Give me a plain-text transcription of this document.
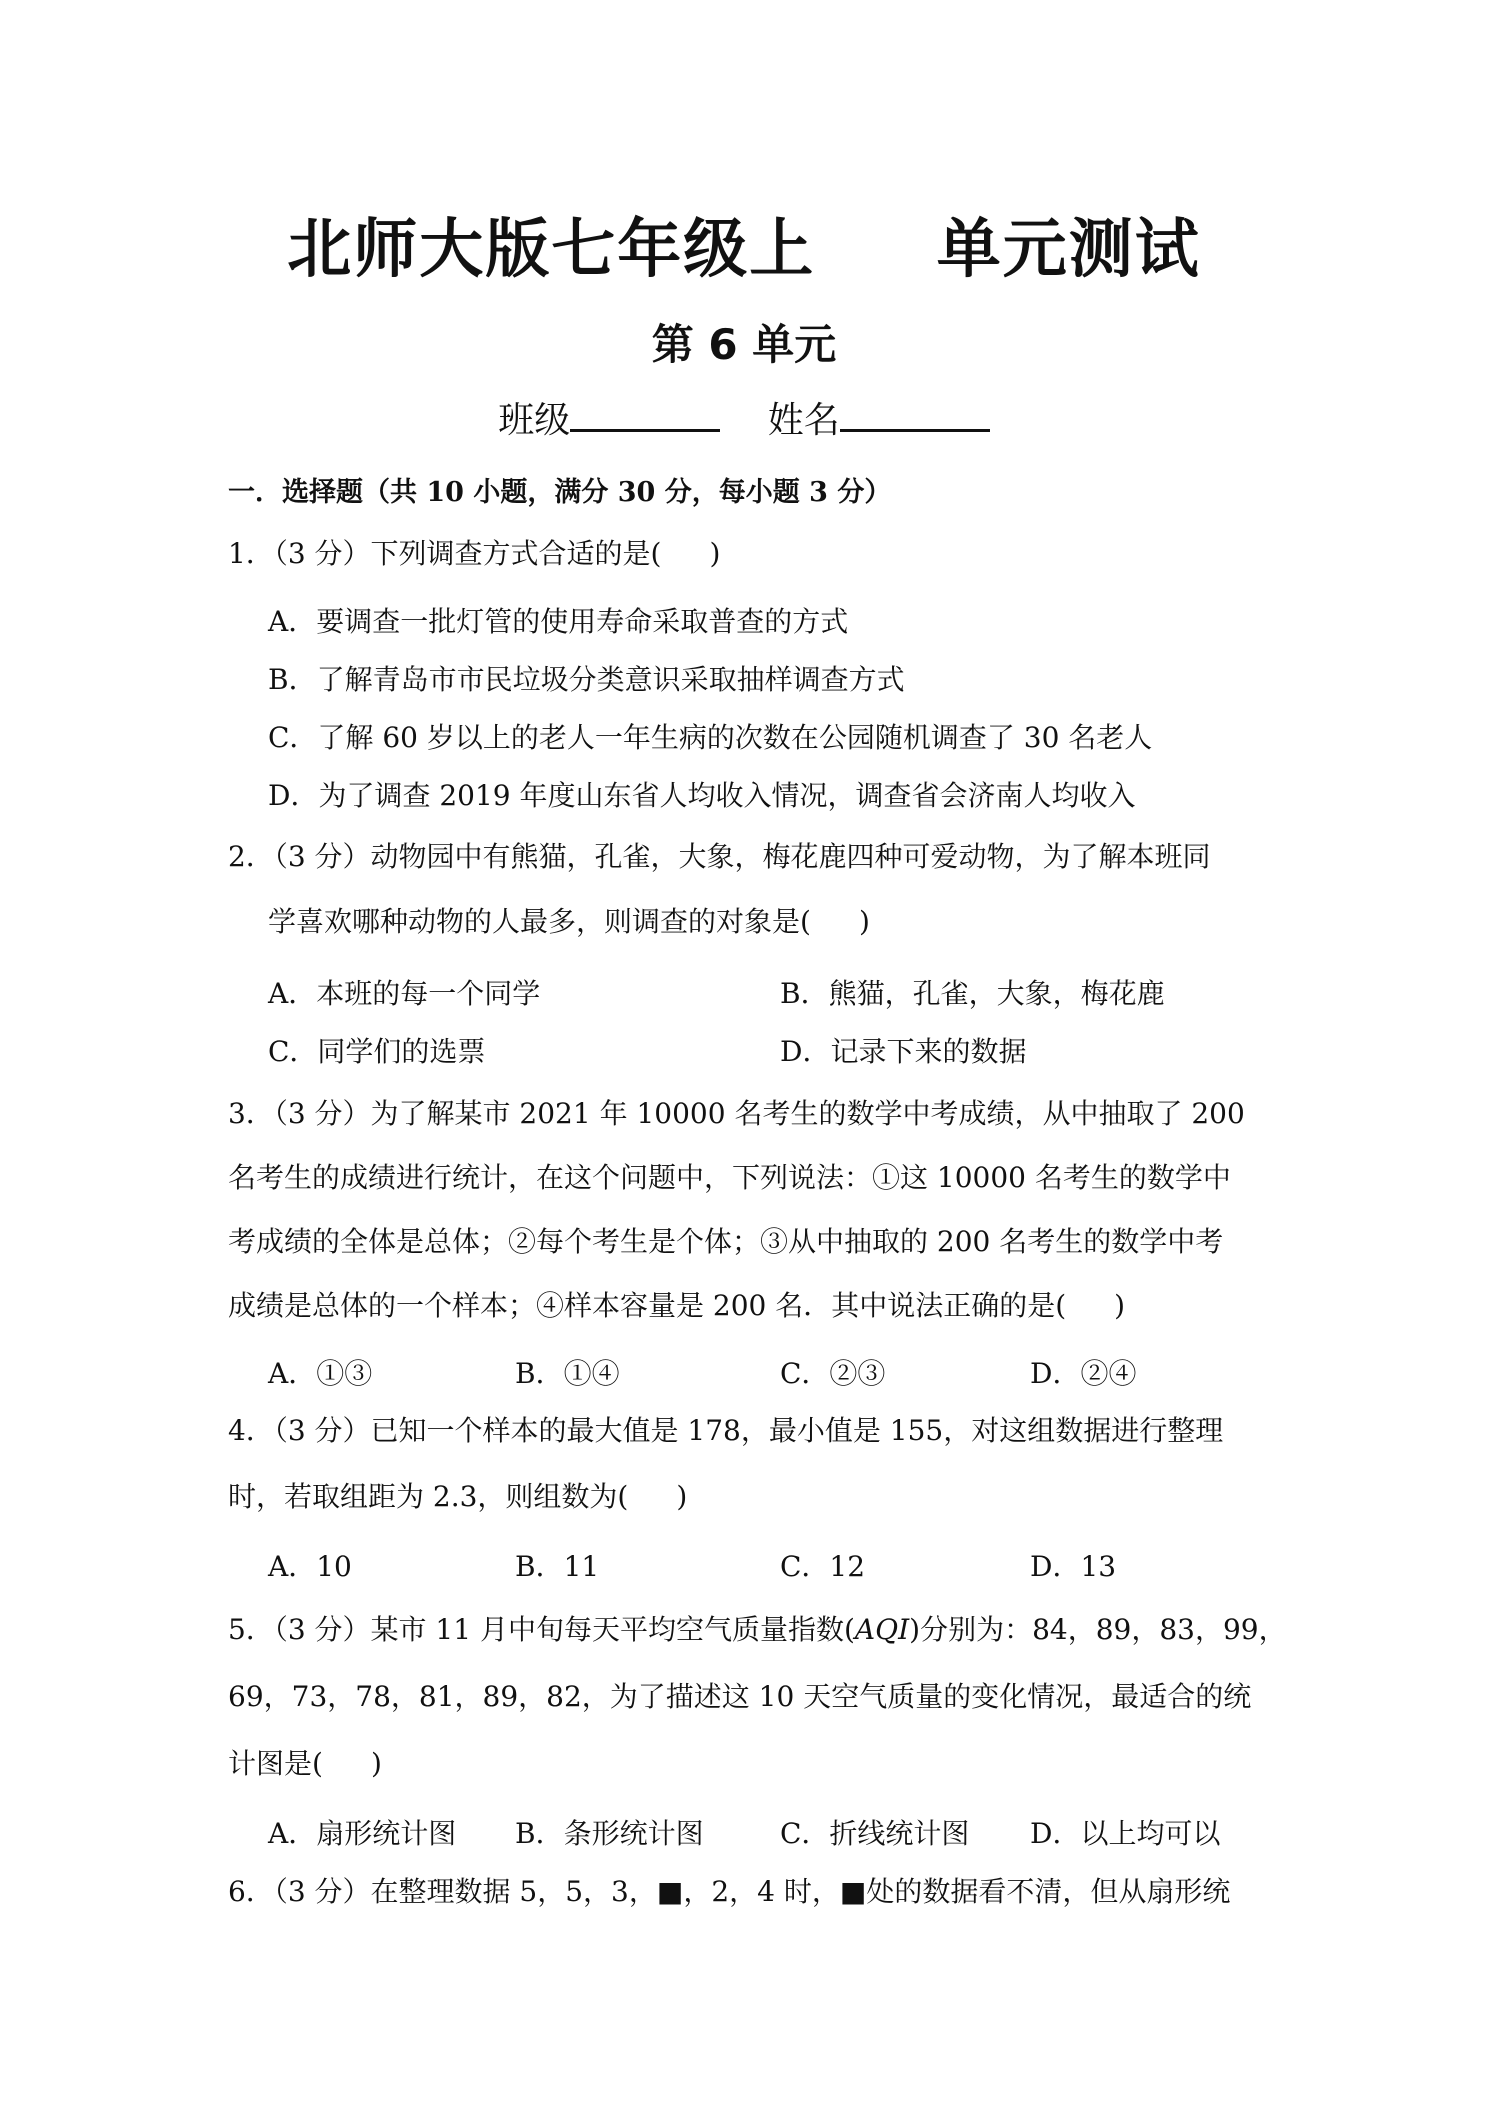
北师大版七年级上     单元测试
第 6 单元
班级	姓名
一．选择题（共 10 小题，满分 30 分，每小题 3 分）
1．（3 分）下列调查方式合适的是( )
A．要调查一批灯管的使用寿命采取普查的方式
B．了解青岛市市民垃圾分类意识采取抽样调查方式
C．了解 60 岁以上的老人一年生病的次数在公园随机调查了 30 名老人
D．为了调查 2019 年度山东省人均收入情况，调查省会济南人均收入
2．（3 分）动物园中有熊猫，孔雀，大象，梅花鹿四种可爱动物，为了解本班同
学喜欢哪种动物的人最多，则调查的对象是( )
A．本班的每一个同学	B．熊猫，孔雀，大象，梅花鹿
C．同学们的选票	D．记录下来的数据
3．（3 分）为了解某市 2021 年 10000 名考生的数学中考成绩，从中抽取了 200
名考生的成绩进行统计，在这个问题中，下列说法：①这 10000 名考生的数学中
考成绩的全体是总体；②每个考生是个体；③从中抽取的 200 名考生的数学中考
成绩是总体的一个样本；④样本容量是 200 名．其中说法正确的是( )
A．①③	B．①④	C．②③	D．②④
4．（3 分）已知一个样本的最大值是 178，最小值是 155，对这组数据进行整理
时，若取组距为 2.3，则组数为( )
A．10	B．11	C．12	D．13
5．（3 分）某市 11 月中旬每天平均空气质量指数(AQI)分别为：84，89，83，99，
69，73，78，81，89，82，为了描述这 10 天空气质量的变化情况，最适合的统
计图是( )
A．扇形统计图 B．条形统计图	C．折线统计图 D．以上均可以
6．（3 分）在整理数据 5，5，3，■，2，4 时，■处的数据看不清，但从扇形统
